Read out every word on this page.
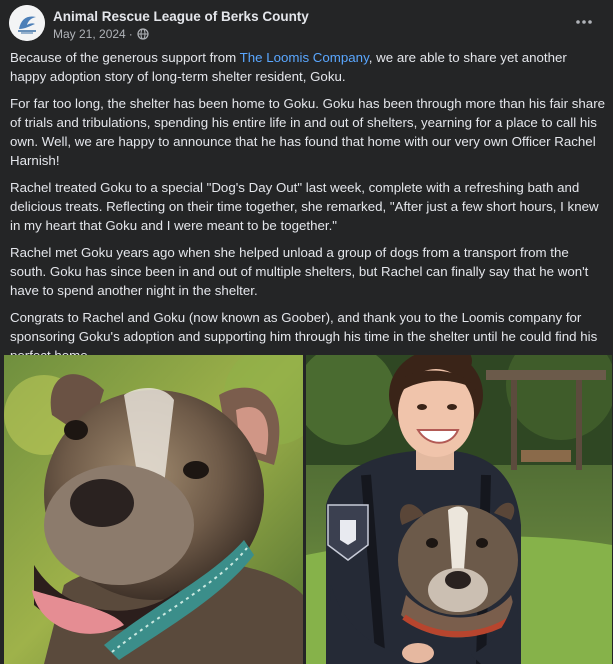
Animal Rescue League of Berks County
May 21, 2024 ·

Because of the generous support from The Loomis Company, we are able to share yet another happy adoption story of long-term shelter resident, Goku.

For far too long, the shelter has been home to Goku. Goku has been through more than his fair share of trials and tribulations, spending his entire life in and out of shelters, yearning for a place to call his own. Well, we are happy to announce that he has found that home with our very own Officer Rachel Harnish!

Rachel treated Goku to a special "Dog's Day Out" last week, complete with a refreshing bath and delicious treats. Reflecting on their time together, she remarked, "After just a few short hours, I knew in my heart that Goku and I were meant to be together."

Rachel met Goku years ago when she helped unload a group of dogs from a transport from the south. Goku has since been in and out of multiple shelters, but Rachel can finally say that he won't have to spend another night in the shelter.

Congrats to Rachel and Goku (now known as Goober), and thank you to the Loomis company for sponsoring Goku's adoption and supporting him through his time in the shelter until he could find his
